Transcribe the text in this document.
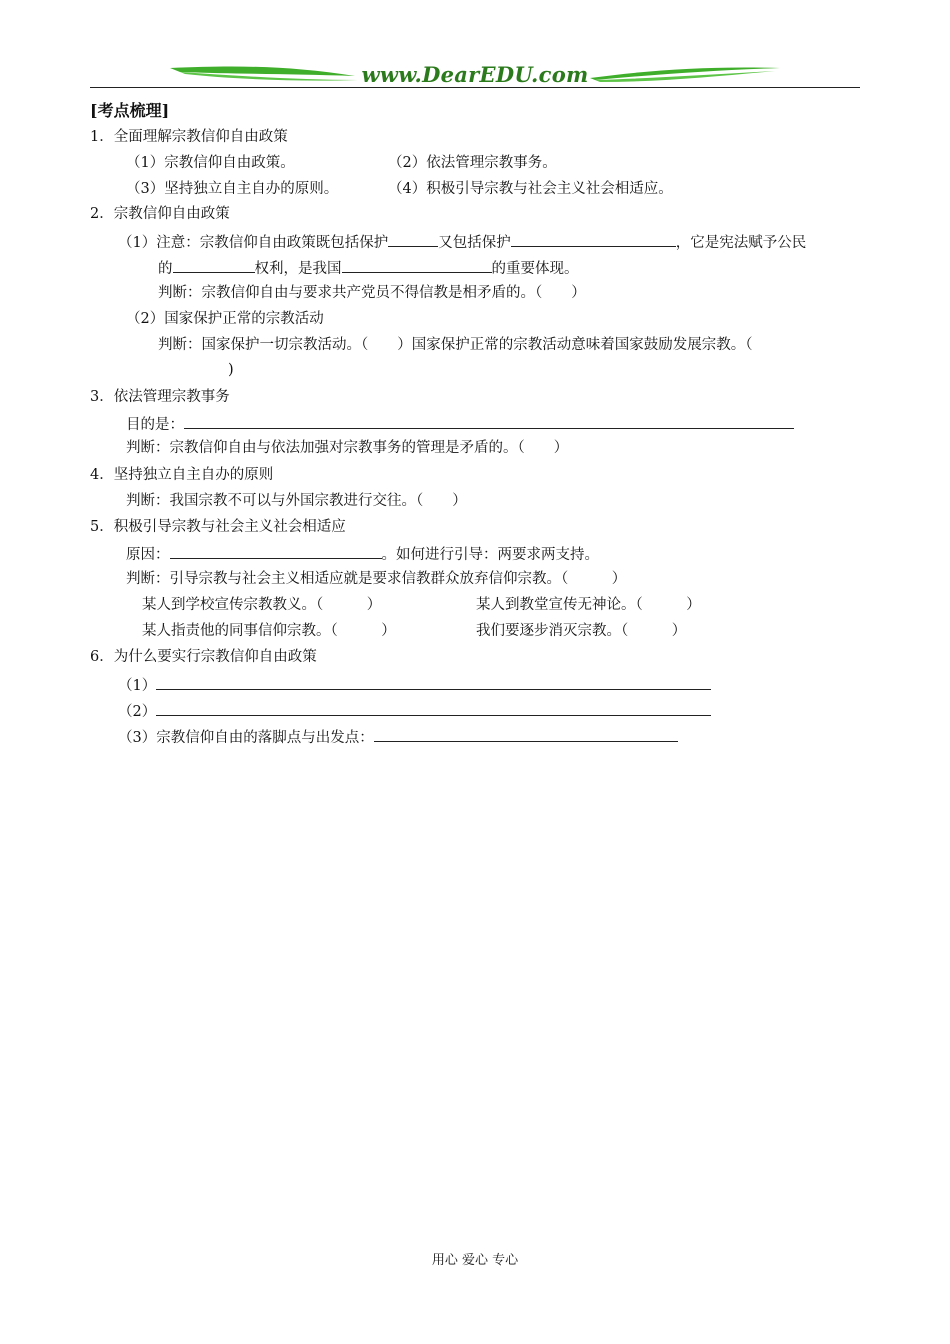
www.DearEDU.com
[考点梳理]
1．全面理解宗教信仰自由政策
（1）宗教信仰自由政策。	（2）依法管理宗教事务。
（3）坚持独立自主自办的原则。	（4）积极引导宗教与社会主义社会相适应。
2．宗教信仰自由政策
（1）注意：宗教信仰自由政策既包括保护	又包括保护	，它是宪法赋予公民
的	权利，是我国	的重要体现。
判断：宗教信仰自由与要求共产党员不得信教是相矛盾的。（　　）
（2）国家保护正常的宗教活动
判断：国家保护一切宗教活动。（　　）国家保护正常的宗教活动意味着国家鼓励发展宗教。（
)
3．依法管理宗教事务
目的是：
判断：宗教信仰自由与依法加强对宗教事务的管理是矛盾的。（　　）
4．坚持独立自主自办的原则
判断：我国宗教不可以与外国宗教进行交往。（　　）
5．积极引导宗教与社会主义社会相适应
原因：	。如何进行引导：两要求两支持。
判断：引导宗教与社会主义相适应就是要求信教群众放弃信仰宗教。（　　　）
某人到学校宣传宗教教义。（　　　）	某人到教堂宣传无神论。（　　　）
某人指责他的同事信仰宗教。（　　　）	我们要逐步消灭宗教。（　　　）
6．为什么要实行宗教信仰自由政策
（1）
（2）
（3）宗教信仰自由的落脚点与出发点：
用心 爱心 专心
